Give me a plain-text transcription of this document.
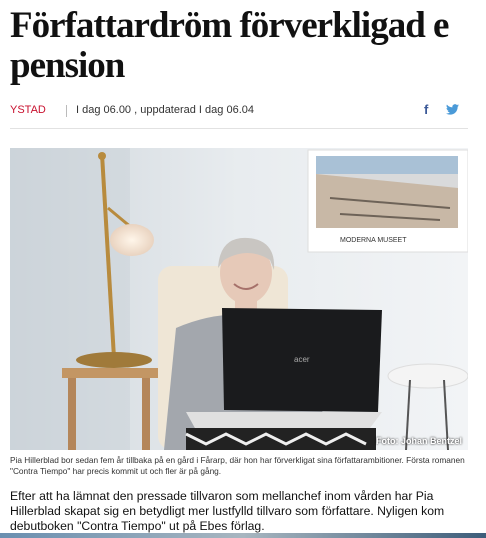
Författardröm förverkligad e
pension
YSTAD	I dag 06.00 , uppdaterad I dag 06.04	f
MODERNA MUSEET
acer
Foto: Johan Bentzel
Pia Hillerblad bor sedan fem år tillbaka på en gård i Fårarp, där hon har förverkligat sina författarambitioner. Första romanen "Contra Tiempo" har precis kommit ut och fler är på gång.

Efter att ha lämnat den pressade tillvaron som mellanchef inom vården har Pia Hillerblad skapat sig en betydligt mer lustfylld tillvaro som författare. Nyligen kom debutboken "Contra Tiempo" ut på Ebes förlag.
